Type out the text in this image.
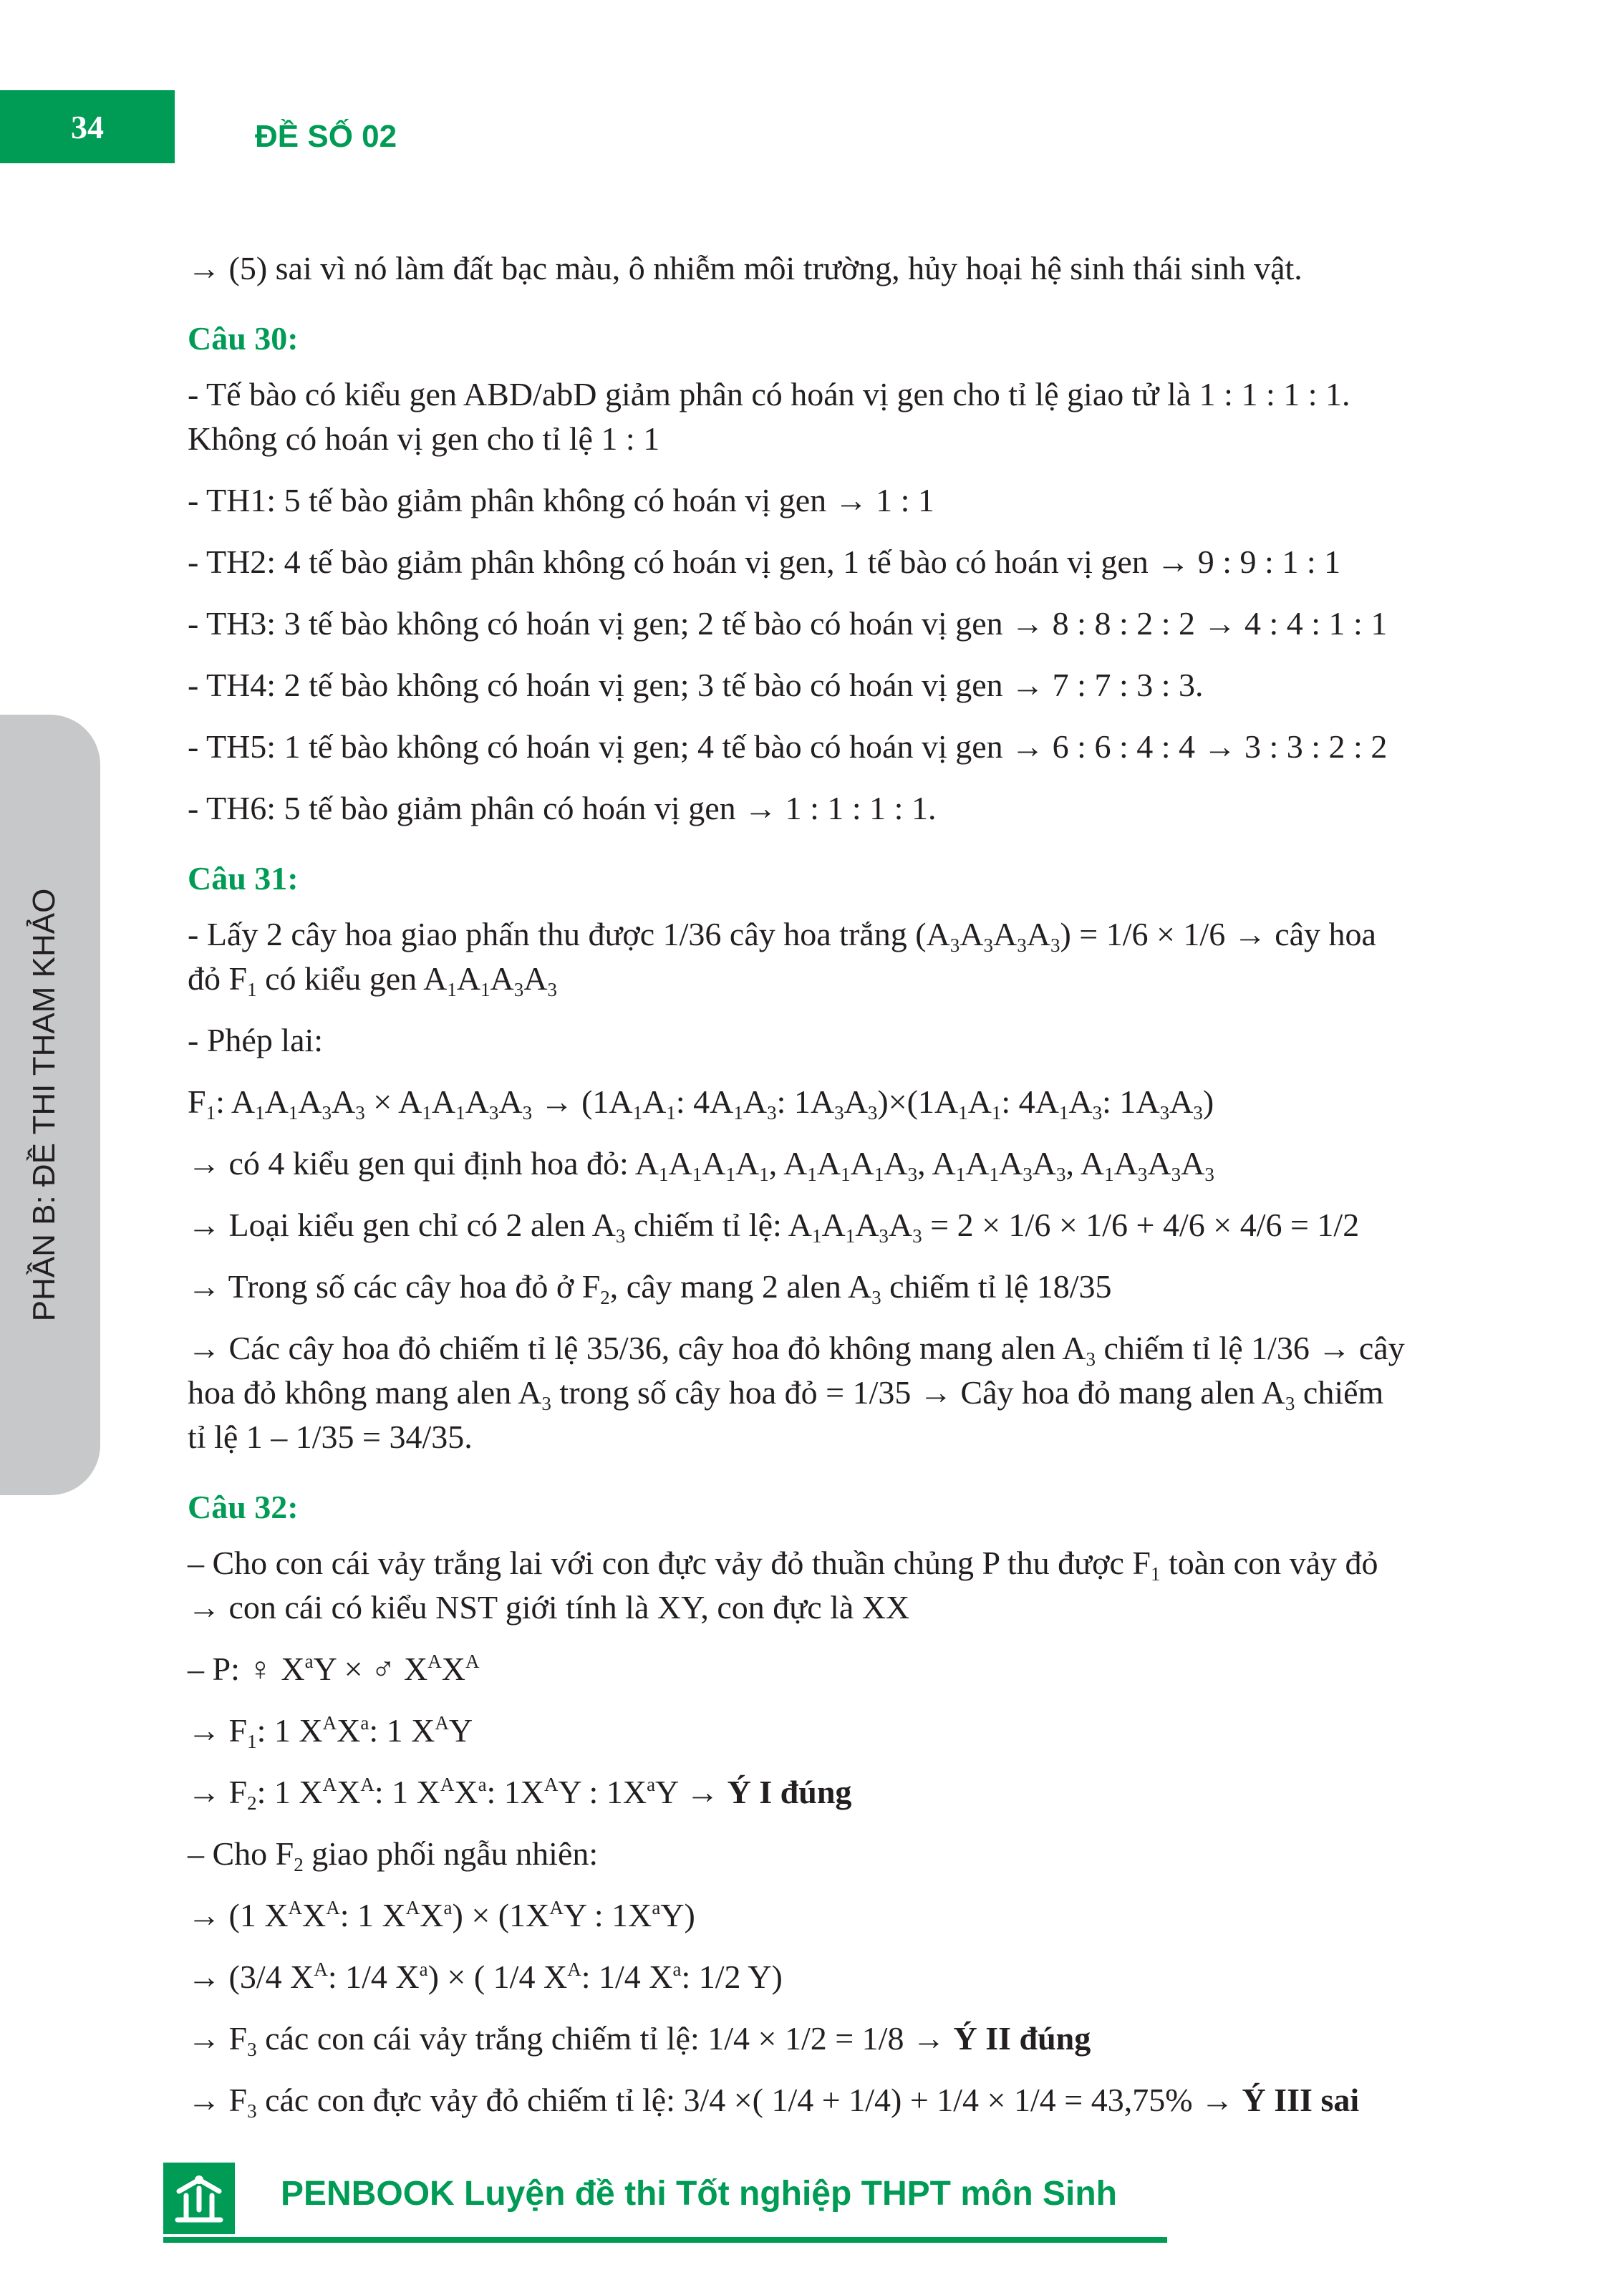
34	ĐỀ SỐ 02
PHẦN B: ĐỀ THI THAM KHẢO
→ (5) sai vì nó làm đất bạc màu, ô nhiễm môi trường, hủy hoại hệ sinh thái sinh vật.
Câu 30:
- Tế bào có kiểu gen ABD/abD giảm phân có hoán vị gen cho tỉ lệ giao tử là 1 : 1 : 1 : 1.
Không có hoán vị gen cho tỉ lệ 1 : 1
- TH1: 5 tế bào giảm phân không có hoán vị gen → 1 : 1
- TH2: 4 tế bào giảm phân không có hoán vị gen, 1 tế bào có hoán vị gen → 9 : 9 : 1 : 1
- TH3: 3 tế bào không có hoán vị gen; 2 tế bào có hoán vị gen → 8 : 8 : 2 : 2 → 4 : 4 : 1 : 1
- TH4: 2 tế bào không có hoán vị gen; 3 tế bào có hoán vị gen → 7 : 7 : 3 : 3.
- TH5: 1 tế bào không có hoán vị gen; 4 tế bào có hoán vị gen → 6 : 6 : 4 : 4 → 3 : 3 : 2 : 2
- TH6: 5 tế bào giảm phân có hoán vị gen → 1 : 1 : 1 : 1.
Câu 31:
- Lấy 2 cây hoa giao phấn thu được 1/36 cây hoa trắng $(A_3A_3A_3A_3) = 1/6 \times 1/6$ → cây hoa
đỏ $F_1$ có kiểu gen $A_1A_1A_3A_3$
- Phép lai:
$F_1$: $A_1A_1A_3A_3 \times A_1A_1A_3A_3 \to (1A_1A_1$: $4A_1A_3$: $1A_3A_3)\times(1A_1A_1$: $4A_1A_3$: $1A_3A_3$)
→ có 4 kiểu gen qui định hoa đỏ: $A_1A_1A_1A_1$, $A_1A_1A_1A_3$, $A_1A_1A_3A_3$, $A_1A_3A_3A_3$
→ Loại kiểu gen chỉ có 2 alen $A_3$ chiếm tỉ lệ: $A_1A_1A_3A_3 = 2 \times 1/6 \times 1/6 + 4/6 \times 4/6 = 1/2$
→ Trong số các cây hoa đỏ ở $F_2$, cây mang 2 alen $A_3$ chiếm tỉ lệ 18/35
→ Các cây hoa đỏ chiếm tỉ lệ 35/36, cây hoa đỏ không mang alen $A_3$ chiếm tỉ lệ 1/36 → cây
hoa đỏ không mang alen $A_3$ trong số cây hoa đỏ = 1/35 → Cây hoa đỏ mang alen $A_3$ chiếm
tỉ lệ 1 – 1/35 = 34/35.
Câu 32:
– Cho con cái vảy trắng lai với con đực vảy đỏ thuần chủng P thu được $F_1$ toàn con vảy đỏ
→ con cái có kiểu NST giới tính là XY, con đực là XX
– P: ♀ $X^aY$ × ♂ $X^AX^A$
→ $F_1$: 1 $X^AX^a$: 1 $X^AY$
→ $F_2$: 1 $X^AX^A$: 1 $X^AX^a$: $1X^AY$ : $1X^aY$ → Ý I đúng
– Cho $F_2$ giao phối ngẫu nhiên:
→ (1 $X^AX^A$: 1 $X^AX^a) \times (1X^AY$ : $1X^aY$)
→ (3/4 $X^A$: 1/4 $X^a$) × ( 1/4 $X^A$: 1/4 $X^a$: 1/2 Y)
→ $F_3$ các con cái vảy trắng chiếm tỉ lệ: 1/4 × 1/2 = 1/8 → Ý II đúng
→ $F_3$ các con đực vảy đỏ chiếm tỉ lệ: 3/4 ×( 1/4 + 1/4) + 1/4 × 1/4 = 43,75% → Ý III sai
PENBOOK Luyện đề thi Tốt nghiệp THPT môn Sinh
